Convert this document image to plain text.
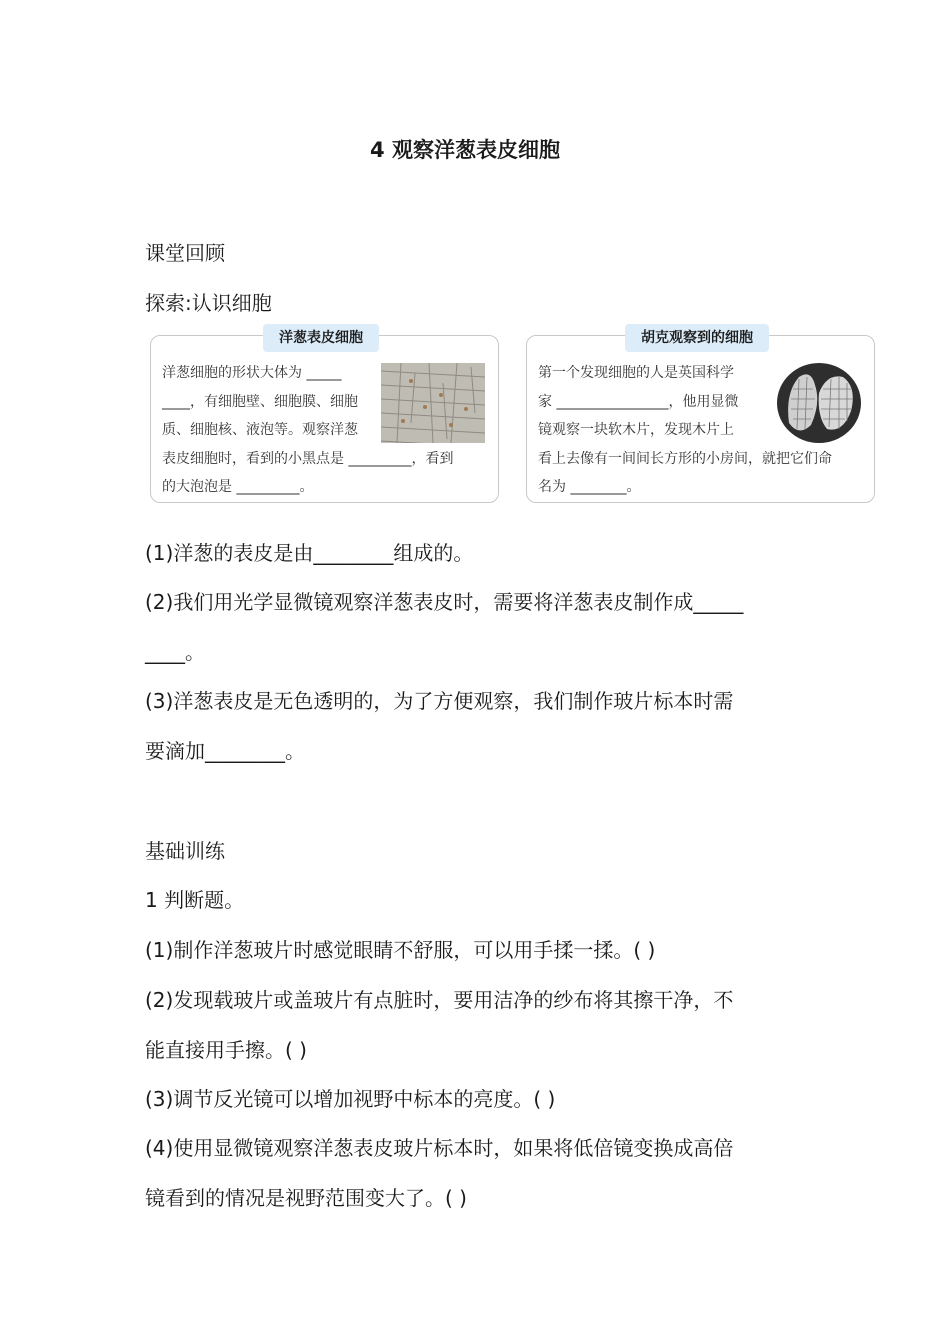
4 观察洋葱表皮细胞
课堂回顾
探索:认识细胞
洋葱表皮细胞
洋葱细胞的形状大体为 _____
____，有细胞壁、细胞膜、细胞
质、细胞核、液泡等。观察洋葱
表皮细胞时，看到的小黑点是 _________，看到
的大泡泡是 _________。
胡克观察到的细胞
第一个发现细胞的人是英国科学
家 ________________，他用显微
镜观察一块软木片，发现木片上
看上去像有一间间长方形的小房间，就把它们命
名为 ________。
(1)洋葱的表皮是由________组成的。
(2)我们用光学显微镜观察洋葱表皮时，需要将洋葱表皮制作成_____
____。
(3)洋葱表皮是无色透明的，为了方便观察，我们制作玻片标本时需
要滴加________。
基础训练
1 判断题。
(1)制作洋葱玻片时感觉眼睛不舒服，可以用手揉一揉。( )
(2)发现载玻片或盖玻片有点脏时，要用洁净的纱布将其擦干净，不
能直接用手擦。( )
(3)调节反光镜可以增加视野中标本的亮度。( )
(4)使用显微镜观察洋葱表皮玻片标本时，如果将低倍镜变换成高倍
镜看到的情况是视野范围变大了。( )
